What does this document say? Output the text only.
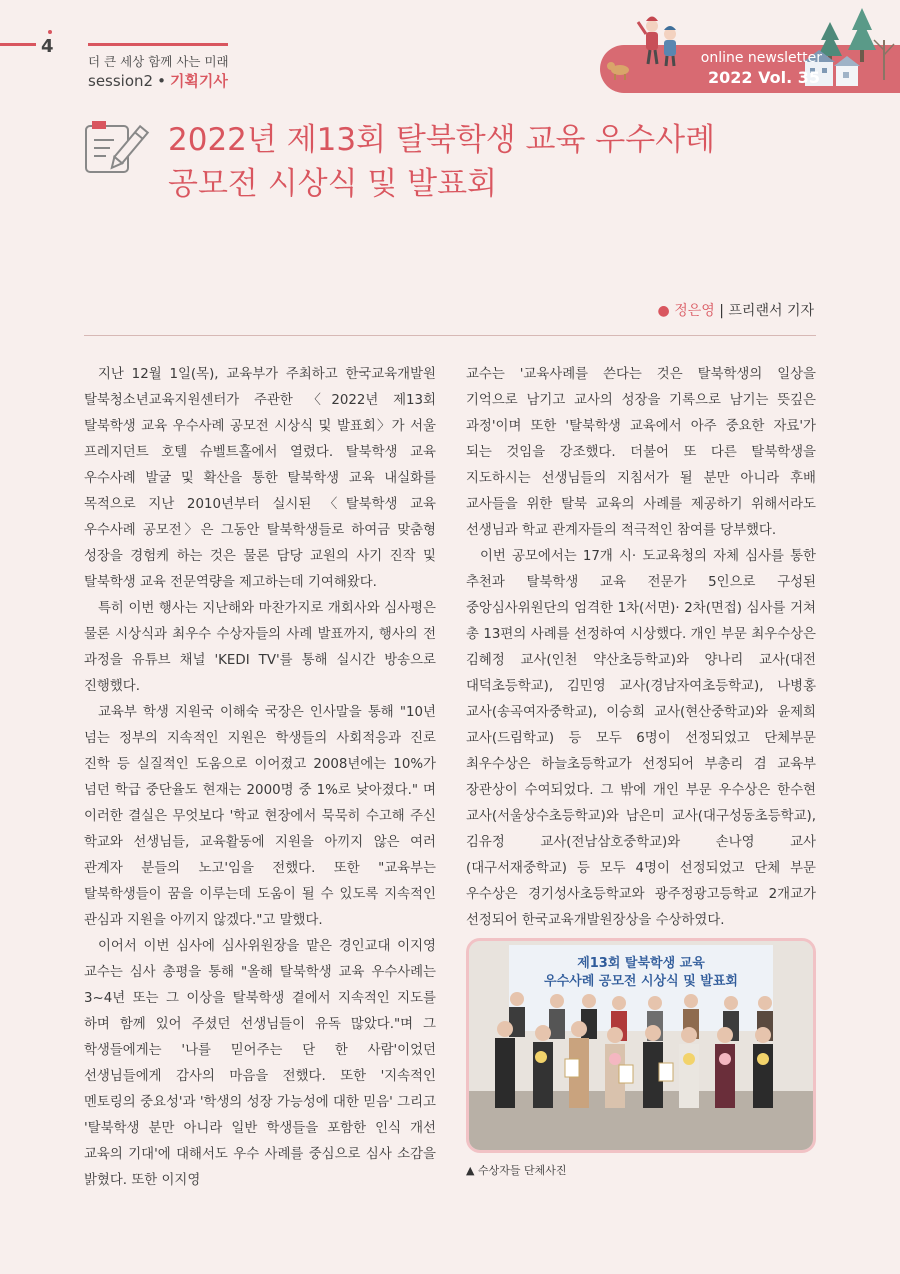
4
더 큰 세상 함께 사는 미래
session2 • 기획기사
online newsletter
2022 Vol. 35
2022년 제13회 탈북학생 교육 우수사례
공모전 시상식 및 발표회
● 정은영 | 프리랜서 기자

지난 12월 1일(목), 교육부가 주최하고 한국교육개발원 탈북청소년교육지원센터가 주관한 〈2022년 제13회 탈북학생 교육 우수사례 공모전 시상식 및 발표회〉가 서울 프레지던트 호텔 슈벨트홀에서 열렸다. 탈북학생 교육 우수사례 발굴 및 확산을 통한 탈북학생 교육 내실화를 목적으로 지난 2010년부터 실시된 〈탈북학생 교육 우수사례 공모전〉은 그동안 탈북학생들로 하여금 맞춤형 성장을 경험케 하는 것은 물론 담당 교원의 사기 진작 및 탈북학생 교육 전문역량을 제고하는데 기여해왔다.

특히 이번 행사는 지난해와 마찬가지로 개회사와 심사평은 물론 시상식과 최우수 수상자들의 사례 발표까지, 행사의 전 과정을 유튜브 채널 'KEDI TV'를 통해 실시간 방송으로 진행했다.

교육부 학생 지원국 이해숙 국장은 인사말을 통해 "10년 넘는 정부의 지속적인 지원은 학생들의 사회적응과 진로 진학 등 실질적인 도움으로 이어졌고 2008년에는 10%가 넘던 학급 중단율도 현재는 2000명 중 1%로 낮아졌다." 며 이러한 결실은 무엇보다 '학교 현장에서 묵묵히 수고해 주신 학교와 선생님들, 교육활동에 지원을 아끼지 않은 여러 관계자 분들의 노고'임을 전했다. 또한 "교육부는 탈북학생들이 꿈을 이루는데 도움이 될 수 있도록 지속적인 관심과 지원을 아끼지 않겠다."고 말했다.

이어서 이번 심사에 심사위원장을 맡은 경인교대 이지영 교수는 심사 총평을 통해 "올해 탈북학생 교육 우수사례는 3~4년 또는 그 이상을 탈북학생 곁에서 지속적인 지도를 하며 함께 있어 주셨던 선생님들이 유독 많았다."며 그 학생들에게는 '나를 믿어주는 단 한 사람'이었던 선생님들에게 감사의 마음을 전했다. 또한 '지속적인 멘토링의 중요성'과 '학생의 성장 가능성에 대한 믿음' 그리고 '탈북학생 분만 아니라 일반 학생들을 포함한 인식 개선 교육의 기대'에 대해서도 우수 사례를 중심으로 심사 소감을 밝혔다. 또한 이지영

교수는 '교육사례를 쓴다는 것은 탈북학생의 일상을 기억으로 남기고 교사의 성장을 기록으로 남기는 뜻깊은 과정'이며 또한 '탈북학생 교육에서 아주 중요한 자료'가 되는 것임을 강조했다. 더불어 또 다른 탈북학생을 지도하시는 선생님들의 지침서가 될 분만 아니라 후배 교사들을 위한 탈북 교육의 사례를 제공하기 위해서라도 선생님과 학교 관계자들의 적극적인 참여를 당부했다.

이번 공모에서는 17개 시· 도교육청의 자체 심사를 통한 추천과 탈북학생 교육 전문가 5인으로 구성된 중앙심사위원단의 엄격한 1차(서면)· 2차(면접) 심사를 거쳐 총 13편의 사례를 선정하여 시상했다. 개인 부문 최우수상은 김혜정 교사(인천 약산초등학교)와 양나리 교사(대전 대덕초등학교), 김민영 교사(경남자여초등학교), 나병홍 교사(송곡여자중학교), 이승희 교사(현산중학교)와 윤제희 교사(드림학교) 등 모두 6명이 선정되었고 단체부문 최우수상은 하늘초등학교가 선정되어 부총리 겸 교육부 장관상이 수여되었다. 그 밖에 개인 부문 우수상은 한수현 교사(서울상수초등학교)와 남은미 교사(대구성동초등학교), 김유정 교사(전남삼호중학교)와 손나영 교사(대구서재중학교) 등 모두 4명이 선정되었고 단체 부문 우수상은 경기성사초등학교와 광주정광고등학교 2개교가 선정되어 한국교육개발원장상을 수상하였다.

제13회 탈북학생 교육
우수사례 공모전 시상식 및 발표회
▲ 수상자들 단체사진
